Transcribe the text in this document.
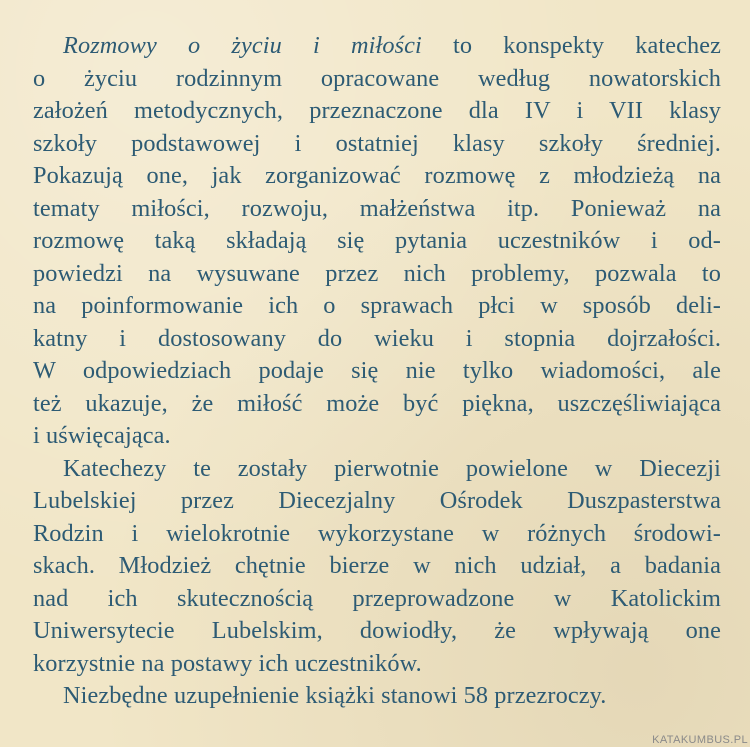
Rozmowy o życiu i miłości to konspekty katechez
o życiu rodzinnym opracowane według nowatorskich
założeń metodycznych, przeznaczone dla IV i VII klasy
szkoły podstawowej i ostatniej klasy szkoły średniej.
Pokazują one, jak zorganizować rozmowę z młodzieżą na
tematy miłości, rozwoju, małżeństwa itp. Ponieważ na
rozmowę taką składają się pytania uczestników i od-
powiedzi na wysuwane przez nich problemy, pozwala to
na poinformowanie ich o sprawach płci w sposób deli-
katny i dostosowany do wieku i stopnia dojrzałości.
W odpowiedziach podaje się nie tylko wiadomości, ale
też ukazuje, że miłość może być piękna, uszczęśliwiająca
i uświęcająca.

Katechezy te zostały pierwotnie powielone w Diecezji
Lubelskiej przez Diecezjalny Ośrodek Duszpasterstwa
Rodzin i wielokrotnie wykorzystane w różnych środowi-
skach. Młodzież chętnie bierze w nich udział, a badania
nad ich skutecznością przeprowadzone w Katolickim
Uniwersytecie Lubelskim, dowiodły, że wpływają one
korzystnie na postawy ich uczestników.

Niezbędne uzupełnienie książki stanowi 58 przezroczy.

KATAKUMBUS.PL
